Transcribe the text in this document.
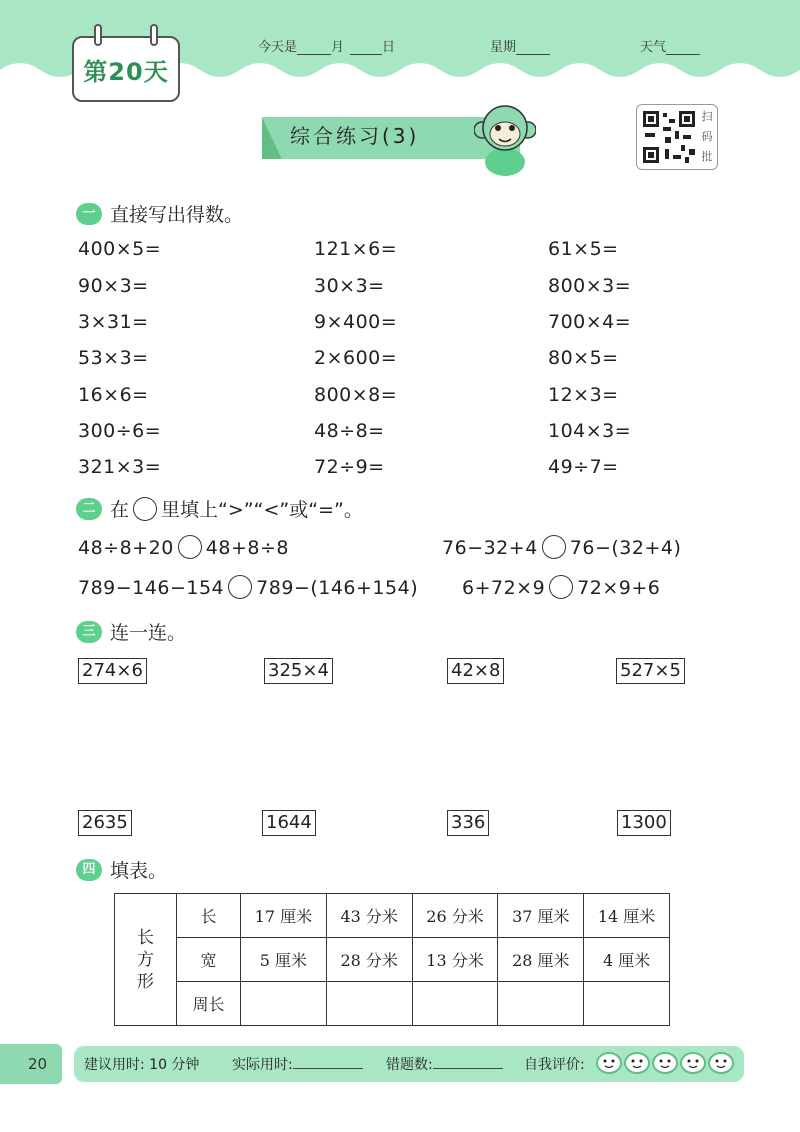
第20天
今天是	月	日	星期	天气
综合练习(3)
扫
码
批
一 直接写出得数。
400×5=	121×6=	61×5=
90×3=	30×3=	800×3=
3×31=	9×400=	700×4=
53×3=	2×600=	80×5=
16×6=	800×8=	12×3=
300÷6=	48÷8=	104×3=
321×3=	72÷9=	49÷7=
二 在 里填上“>”“<”或“=”。
48÷8+20 48+8÷8	76−32+4 76−(32+4)
789−146−154 789−(146+154) 6+72×9 72×9+6
三 连一连。
274×6	325×4	42×8	527×5
2635	1644	336	1300
四 填表。
长
方
形	长	17 厘米	43 分米	26 分米	37 厘米	14 厘米
	宽	5 厘米	28 分米	13 分米	28 厘米	4 厘米
	周长					
20	建议用时: 10 分钟 实际用时:	错题数:	自我评价:
